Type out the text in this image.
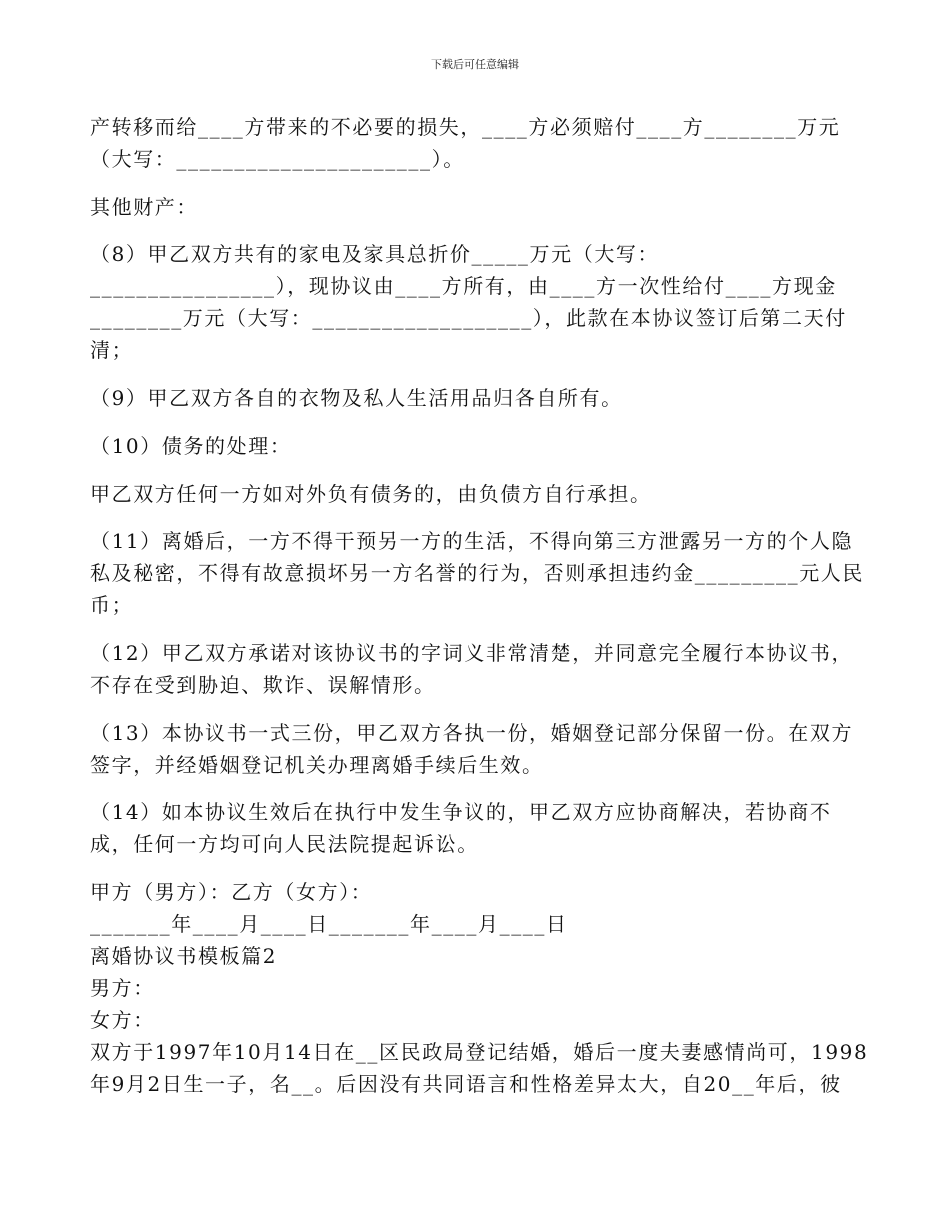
下载后可任意编辑
产转移而给____方带来的不必要的损失，____方必须赔付____方________万元
（大写：______________________）。
其他财产：
（8）甲乙双方共有的家电及家具总折价_____万元（大写：
________________），现协议由____方所有，由____方一次性给付____方现金
________万元（大写：___________________），此款在本协议签订后第二天付
清；
（9）甲乙双方各自的衣物及私人生活用品归各自所有。
（10）债务的处理：
甲乙双方任何一方如对外负有债务的，由负债方自行承担。
（11）离婚后，一方不得干预另一方的生活，不得向第三方泄露另一方的个人隐
私及秘密，不得有故意损坏另一方名誉的行为，否则承担违约金_________元人民
币；
（12）甲乙双方承诺对该协议书的字词义非常清楚，并同意完全履行本协议书，
不存在受到胁迫、欺诈、误解情形。
（13）本协议书一式三份，甲乙双方各执一份，婚姻登记部分保留一份。在双方
签字，并经婚姻登记机关办理离婚手续后生效。
（14）如本协议生效后在执行中发生争议的，甲乙双方应协商解决，若协商不
成，任何一方均可向人民法院提起诉讼。
甲方（男方）：乙方（女方）：
_______年____月____日_______年____月____日
离婚协议书模板篇2
男方：
女方：
双方于1997年10月14日在__区民政局登记结婚，婚后一度夫妻感情尚可，1998
年9月2日生一子，名__。后因没有共同语言和性格差异太大，自20__年后，彼
